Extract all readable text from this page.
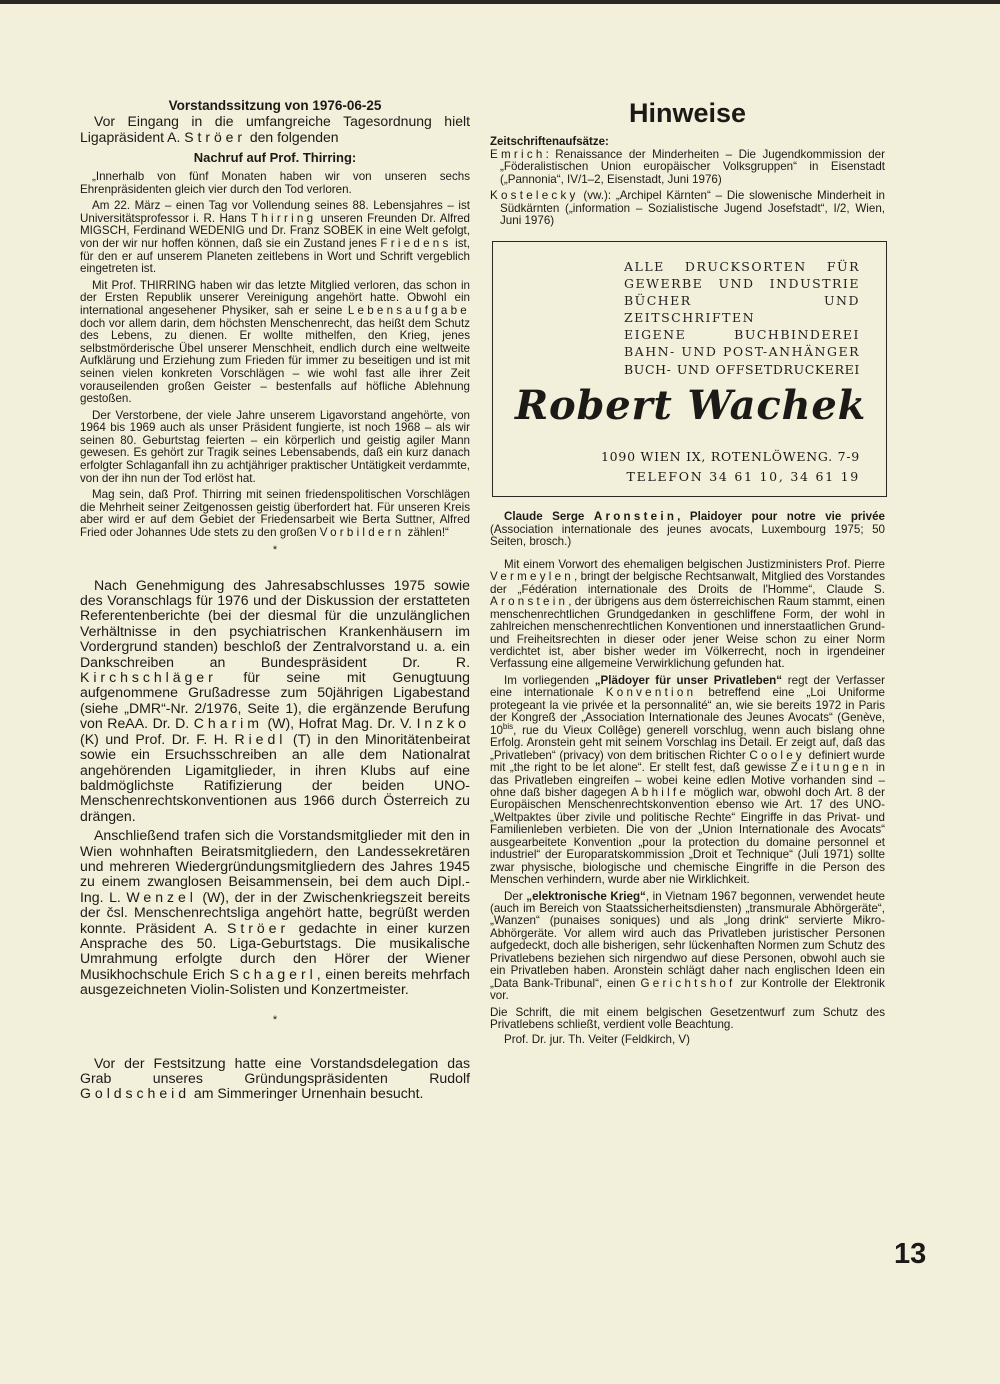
Vorstandssitzung von 1976-06-25

Vor Eingang in die umfangreiche Tagesordnung hielt Ligapräsident A. Ströer den folgenden

Nachruf auf Prof. Thirring:

„Innerhalb von fünf Monaten haben wir von unseren sechs Ehrenpräsidenten gleich vier durch den Tod verloren.

Am 22. März – einen Tag vor Vollendung seines 88. Lebensjahres – ist Universitätsprofessor i. R. Hans Thirring unseren Freunden Dr. Alfred MIGSCH, Ferdinand WEDENIG und Dr. Franz SOBEK in eine Welt gefolgt, von der wir nur hoffen können, daß sie ein Zustand jenes Friedens ist, für den er auf unserem Planeten zeitlebens in Wort und Schrift vergeblich eingetreten ist.

Mit Prof. THIRRING haben wir das letzte Mitglied verloren, das schon in der Ersten Republik unserer Vereinigung angehört hatte. Obwohl ein international angesehener Physiker, sah er seine Lebensaufgabe doch vor allem darin, dem höchsten Menschenrecht, das heißt dem Schutz des Lebens, zu dienen. Er wollte mithelfen, den Krieg, jenes selbstmörderische Übel unserer Menschheit, endlich durch eine weltweite Aufklärung und Erziehung zum Frieden für immer zu beseitigen und ist mit seinen vielen konkreten Vorschlägen – wie wohl fast alle ihrer Zeit vorauseilenden großen Geister – bestenfalls auf höfliche Ablehnung gestoßen.

Der Verstorbene, der viele Jahre unserem Ligavorstand angehörte, von 1964 bis 1969 auch als unser Präsident fungierte, ist noch 1968 – als wir seinen 80. Geburtstag feierten – ein körperlich und geistig agiler Mann gewesen. Es gehört zur Tragik seines Lebensabends, daß ein kurz danach erfolgter Schlaganfall ihn zu achtjähriger praktischer Untätigkeit verdammte, von der ihn nun der Tod erlöst hat.

Mag sein, daß Prof. Thirring mit seinen friedenspolitischen Vorschlägen die Mehrheit seiner Zeitgenossen geistig überfordert hat. Für unseren Kreis aber wird er auf dem Gebiet der Friedensarbeit wie Berta Suttner, Alfred Fried oder Johannes Ude stets zu den großen Vorbildern zählen!“

*

Nach Genehmigung des Jahresabschlusses 1975 sowie des Voranschlags für 1976 und der Diskussion der erstatteten Referentenberichte (bei der diesmal für die unzulänglichen Verhältnisse in den psychiatrischen Krankenhäusern im Vordergrund standen) beschloß der Zentralvorstand u. a. ein Dankschreiben an Bundespräsident Dr. R. Kirchschläger für seine mit Genugtuung aufgenommene Grußadresse zum 50jährigen Ligabestand (siehe „DMR“-Nr. 2/1976, Seite 1), die ergänzende Berufung von ReAA. Dr. D. Charim (W), Hofrat Mag. Dr. V. Inzko (K) und Prof. Dr. F. H. Riedl (T) in den Minoritätenbeirat sowie ein Ersuchsschreiben an alle dem Nationalrat angehörenden Ligamitglieder, in ihren Klubs auf eine baldmöglichste Ratifizierung der beiden UNO-Menschenrechtskonventionen aus 1966 durch Österreich zu drängen.

Anschließend trafen sich die Vorstandsmitglieder mit den in Wien wohnhaften Beiratsmitgliedern, den Landessekretären und mehreren Wiedergründungsmitgliedern des Jahres 1945 zu einem zwanglosen Beisammensein, bei dem auch Dipl.-Ing. L. Wenzel (W), der in der Zwischenkriegszeit bereits der čsl. Menschenrechtsliga angehört hatte, begrüßt werden konnte. Präsident A. Ströer gedachte in einer kurzen Ansprache des 50. Liga-Geburtstags. Die musikalische Umrahmung erfolgte durch den Hörer der Wiener Musikhochschule Erich Schagerl, einen bereits mehrfach ausgezeichneten Violin-Solisten und Konzertmeister.

*

Vor der Festsitzung hatte eine Vorstandsdelegation das Grab unseres Gründungspräsidenten Rudolf Goldscheid am Simmeringer Urnenhain besucht.

Hinweise
Zeitschriftenaufsätze:

Emrich: Renaissance der Minderheiten – Die Jugendkommission der „Föderalistischen Union europäischer Volksgruppen“ in Eisenstadt („Pannonia“, IV/1–2, Eisenstadt, Juni 1976)

Kostelecky (vw.): „Archipel Kärnten“ – Die slowenische Minderheit in Südkärnten („information – Sozialistische Jugend Josefstadt“, I/2, Wien, Juni 1976)

ALLE DRUCKSORTEN FÜR
GEWERBE UND INDUSTRIE
BÜCHER UND ZEITSCHRIFTEN
EIGENE BUCHBINDEREI
BAHN- UND POST-ANHÄNGER
BUCH- UND OFFSETDRUCKEREI
Robert Wachek
1090 WIEN IX, ROTENLÖWENG. 7-9
TELEFON 34 61 10, 34 61 19

Claude Serge Aronstein, Plaidoyer pour notre vie privée (Association internationale des jeunes avocats, Luxembourg 1975; 50 Seiten, brosch.)

Mit einem Vorwort des ehemaligen belgischen Justizministers Prof. Pierre Vermeylen, bringt der belgische Rechtsanwalt, Mitglied des Vorstandes der „Fédération internationale des Droits de l'Homme“, Claude S. Aronstein, der übrigens aus dem österreichischen Raum stammt, einen menschenrechtlichen Grundgedanken in geschliffene Form, der wohl in zahlreichen menschenrechtlichen Konventionen und innerstaatlichen Grund- und Freiheitsrechten in dieser oder jener Weise schon zu einer Norm verdichtet ist, aber bisher weder im Völkerrecht, noch in irgendeiner Verfassung eine allgemeine Verwirklichung gefunden hat.

Im vorliegenden „Plädoyer für unser Privatleben“ regt der Verfasser eine internationale Konvention betreffend eine „Loi Uniforme protegeant la vie privée et la personnalité“ an, wie sie bereits 1972 in Paris der Kongreß der „Association Internationale des Jeunes Avocats“ (Genève, $10^{bis}$, rue du Vieux Collêge) generell vorschlug, wenn auch bislang ohne Erfolg. Aronstein geht mit seinem Vorschlag ins Detail. Er zeigt auf, daß das „Privatleben“ (privacy) von dem britischen Richter Cooley definiert wurde mit „the right to be let alone“. Er stellt fest, daß gewisse Zeitungen in das Privatleben eingreifen – wobei keine edlen Motive vorhanden sind – ohne daß bisher dagegen Abhilfe möglich war, obwohl doch Art. 8 der Europäischen Menschenrechtskonvention ebenso wie Art. 17 des UNO-„Weltpaktes über zivile und politische Rechte“ Eingriffe in das Privat- und Familienleben verbieten. Die von der „Union Internationale des Avocats“ ausgearbeitete Konvention „pour la protection du domaine personnel et industriel“ der Europaratskommission „Droit et Technique“ (Juli 1971) sollte zwar physische, biologische und chemische Eingriffe in die Person des Menschen verhindern, wurde aber nie Wirklichkeit.

Der „elektronische Krieg“, in Vietnam 1967 begonnen, verwendet heute (auch im Bereich von Staatssicherheitsdiensten) „transmurale Abhörgeräte“, „Wanzen“ (punaises soniques) und als „long drink“ servierte Mikro-Abhörgeräte. Vor allem wird auch das Privatleben juristischer Personen aufgedeckt, doch alle bisherigen, sehr lückenhaften Normen zum Schutz des Privatlebens beziehen sich nirgendwo auf diese Personen, obwohl auch sie ein Privatleben haben. Aronstein schlägt daher nach englischen Ideen ein „Data Bank-Tribunal“, einen Gerichtshof zur Kontrolle der Elektronik vor.

Die Schrift, die mit einem belgischen Gesetzentwurf zum Schutz des Privatlebens schließt, verdient volle Beachtung.

Prof. Dr. jur. Th. Veiter (Feldkirch, V)

13
